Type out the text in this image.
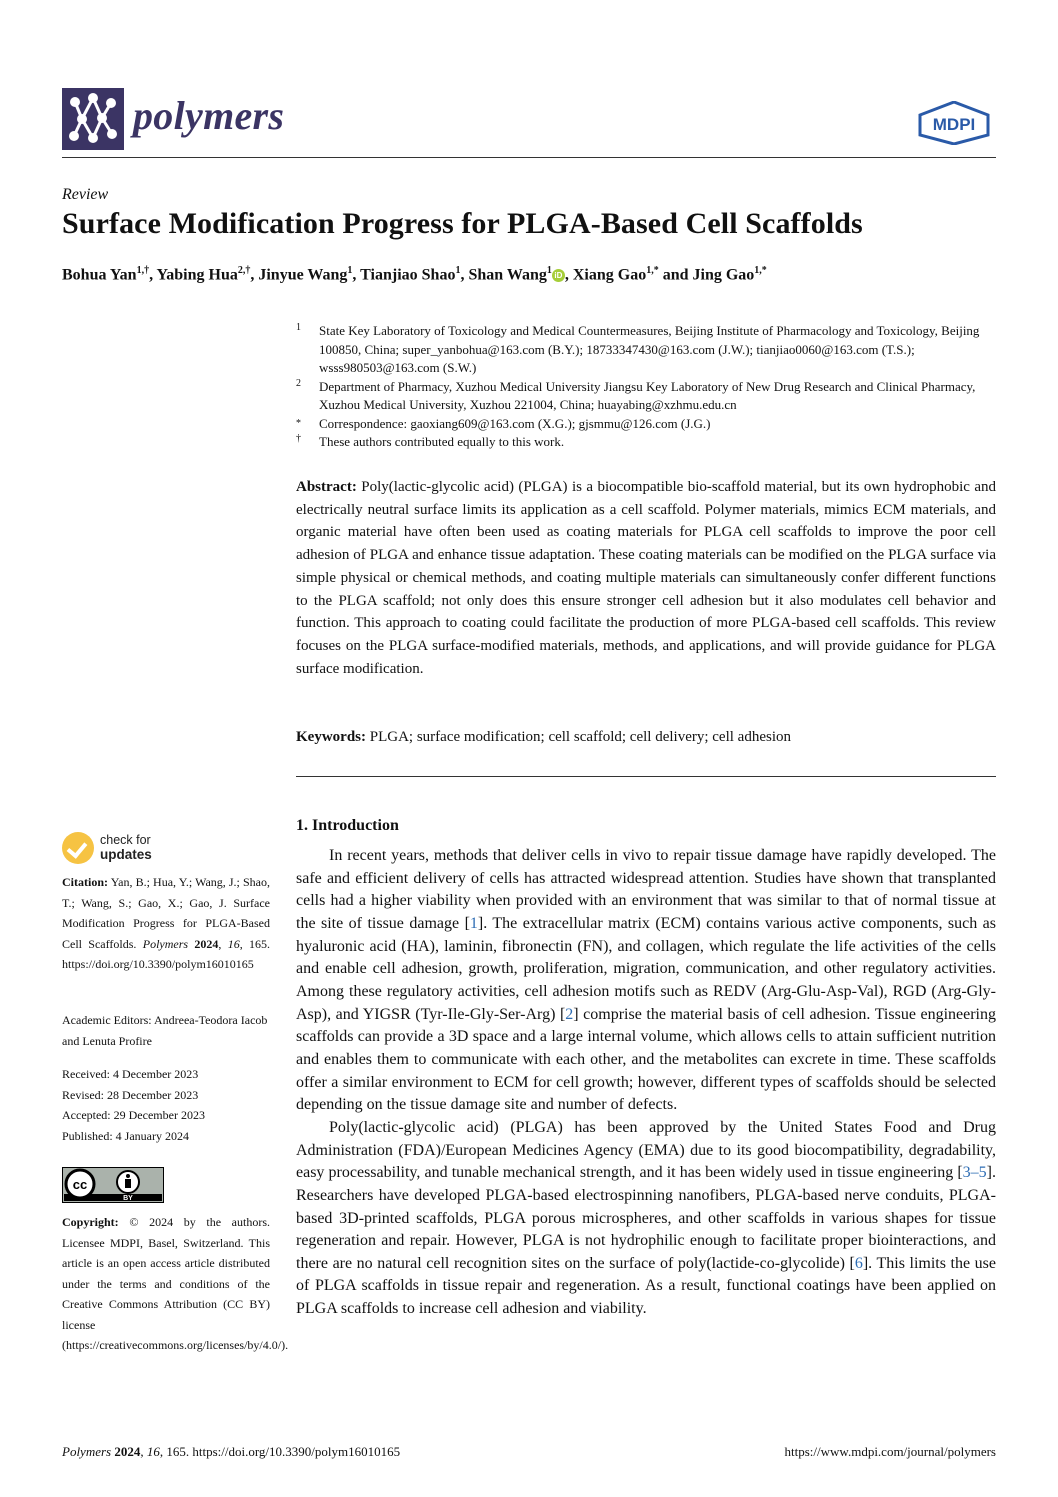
polymers	MDPI
Review
Surface Modification Progress for PLGA-Based Cell Scaffolds
Bohua Yan$^{1,\dagger}$, Yabing Hua$^{2,\dagger}$, Jinyue Wang$^1$, Tianjiao Shao$^1$, Shan Wang$^1$ iD , Xiang Gao$^{1,*}$ and Jing Gao$^{1,*}$
1 State Key Laboratory of Toxicology and Medical Countermeasures, Beijing Institute of Pharmacology and Toxicology, Beijing 100850, China; super_yanbohua@163.com (B.Y.); 18733347430@163.com (J.W.); tianjiao0060@163.com (T.S.); wsss980503@163.com (S.W.)
2 Department of Pharmacy, Xuzhou Medical University Jiangsu Key Laboratory of New Drug Research and Clinical Pharmacy, Xuzhou Medical University, Xuzhou 221004, China; huayabing@xzhmu.edu.cn
* Correspondence: gaoxiang609@163.com (X.G.); gjsmmu@126.com (J.G.)
† These authors contributed equally to this work.
Abstract: Poly(lactic-glycolic acid) (PLGA) is a biocompatible bio-scaffold material, but its own hydrophobic and electrically neutral surface limits its application as a cell scaffold. Polymer materials, mimics ECM materials, and organic material have often been used as coating materials for PLGA cell scaffolds to improve the poor cell adhesion of PLGA and enhance tissue adaptation. These coating materials can be modified on the PLGA surface via simple physical or chemical methods, and coating multiple materials can simultaneously confer different functions to the PLGA scaffold; not only does this ensure stronger cell adhesion but it also modulates cell behavior and function. This approach to coating could facilitate the production of more PLGA-based cell scaffolds. This review focuses on the PLGA surface-modified materials, methods, and applications, and will provide guidance for PLGA surface modification.
Keywords: PLGA; surface modification; cell scaffold; cell delivery; cell adhesion
check for
updates
Citation: Yan, B.; Hua, Y.; Wang, J.; Shao, T.; Wang, S.; Gao, X.; Gao, J. Surface Modification Progress for PLGA-Based Cell Scaffolds. Polymers 2024, 16, 165. https://doi.org/10.3390/polym16010165
Academic Editors: Andreea-Teodora Iacob and Lenuta Profire
Received: 4 December 2023
Revised: 28 December 2023
Accepted: 29 December 2023
Published: 4 January 2024
cc
BY
Copyright: © 2024 by the authors. Licensee MDPI, Basel, Switzerland. This article is an open access article distributed under the terms and conditions of the Creative Commons Attribution (CC BY) license (https://creativecommons.org/licenses/by/4.0/).
1. Introduction

In recent years, methods that deliver cells in vivo to repair tissue damage have rapidly developed. The safe and efficient delivery of cells has attracted widespread attention. Studies have shown that transplanted cells had a higher viability when provided with an environment that was similar to that of normal tissue at the site of tissue damage [1]. The extracellular matrix (ECM) contains various active components, such as hyaluronic acid (HA), laminin, fibronectin (FN), and collagen, which regulate the life activities of the cells and enable cell adhesion, growth, proliferation, migration, communication, and other regulatory activities. Among these regulatory activities, cell adhesion motifs such as REDV (Arg-Glu-Asp-Val), RGD (Arg-Gly-Asp), and YIGSR (Tyr-Ile-Gly-Ser-Arg) [2] comprise the material basis of cell adhesion. Tissue engineering scaffolds can provide a 3D space and a large internal volume, which allows cells to attain sufficient nutrition and enables them to communicate with each other, and the metabolites can excrete in time. These scaffolds offer a similar environment to ECM for cell growth; however, different types of scaffolds should be selected depending on the tissue damage site and number of defects.

Poly(lactic-glycolic acid) (PLGA) has been approved by the United States Food and Drug Administration (FDA)/European Medicines Agency (EMA) due to its good biocompatibility, degradability, easy processability, and tunable mechanical strength, and it has been widely used in tissue engineering [3–5]. Researchers have developed PLGA-based electrospinning nanofibers, PLGA-based nerve conduits, PLGA-based 3D-printed scaffolds, PLGA porous microspheres, and other scaffolds in various shapes for tissue regeneration and repair. However, PLGA is not hydrophilic enough to facilitate proper biointeractions, and there are no natural cell recognition sites on the surface of poly(lactide-co-glycolide) [6]. This limits the use of PLGA scaffolds in tissue repair and regeneration. As a result, functional coatings have been applied on PLGA scaffolds to increase cell adhesion and viability.

Polymers 2024, 16, 165. https://doi.org/10.3390/polym16010165	https://www.mdpi.com/journal/polymers
